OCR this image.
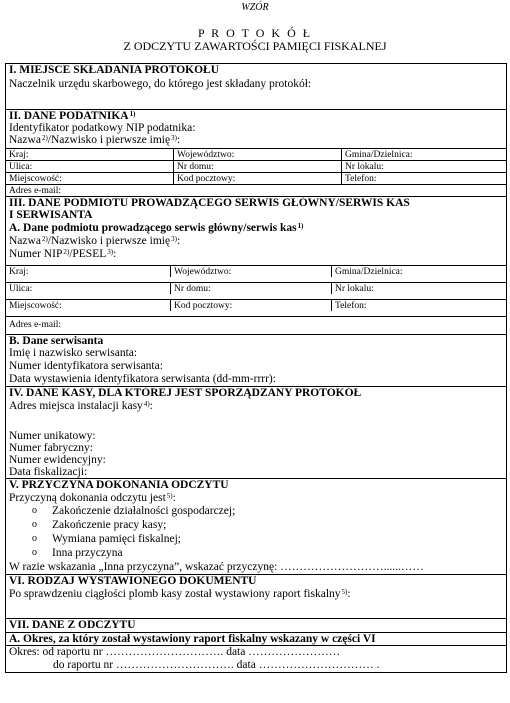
WZÓR
P R O T O K Ó Ł
Z ODCZYTU ZAWARTOŚCI PAMIĘCI FISKALNEJ
I. MIEJSCE SKŁADANIA PROTOKOŁU
Naczelnik urzędu skarbowego, do którego jest składany protokół:
II. DANE PODATNIKA$^{1)}$
Identyfikator podatkowy NIP podatnika:
Nazwa$^{2)}$ /Nazwisko i pierwsze imię$^{3)}$ :
Kraj:	Województwo:	Gmina/Dzielnica:
Ulica:	Nr domu:	Nr lokalu:
Miejscowość:	Kod pocztowy:	Telefon:
Adres e-mail:
III. DANE PODMIOTU PROWADZĄCEGO SERWIS GŁÓWNY/SERWIS KAS
I SERWISANTA
A. Dane podmiotu prowadzącego serwis główny/serwis kas$^{1)}$
Nazwa$^{2)}$ /Nazwisko i pierwsze imię$^{3)}$ :
Numer NIP$^{2)}$ /PESEL$^{3)}$ :
Kraj:	Województwo:	Gmina/Dzielnica:
Ulica:	Nr domu:	Nr lokalu:
Miejscowość:	Kod pocztowy:	Telefon:
Adres e-mail:
B. Dane serwisanta
Imię i nazwisko serwisanta:
Numer identyfikatora serwisanta:
Data wystawienia identyfikatora serwisanta (dd-mm-rrrr):
IV. DANE KASY, DLA KTÓREJ JEST SPORZĄDZANY PROTOKÓŁ
Adres miejsca instalacji kasy$^{4)}$ :
Numer unikatowy:
Numer fabryczny:
Numer ewidencyjny:
Data fiskalizacji:
V. PRZYCZYNA DOKONANIA ODCZYTU
Przyczyną dokonania odczytu jest$^{5)}$ :
o	Zakończenie działalności gospodarczej;
o	Zakończenie pracy kasy;
o	Wymiana pamięci fiskalnej;
o	Inna przyczyna
W razie wskazania „Inna przyczyna”, wskazać przyczynę: ………………………......……
VI. RODZAJ WYSTAWIONEGO DOKUMENTU
Po sprawdzeniu ciągłości plomb kasy został wystawiony raport fiskalny$^{5)}$ :
VII. DANE Z ODCZYTU
A. Okres, za który został wystawiony raport fiskalny wskazany w części VI
Okres: od raportu nr …………………………. data ……………………
do raportu nr …………………………. data ………………………… .
